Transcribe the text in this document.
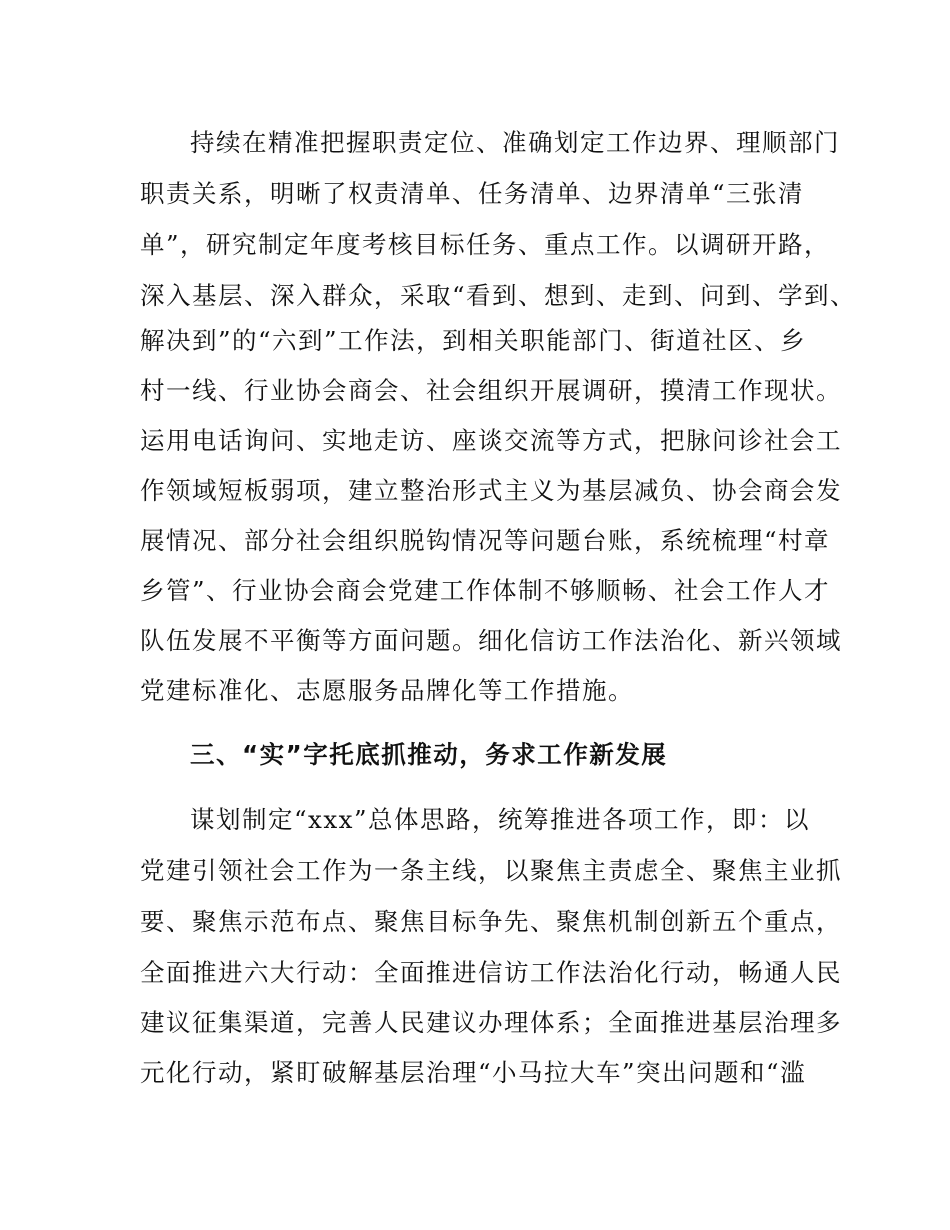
持续在精准把握职责定位、准确划定工作边界、理顺部门
职责关系，明晰了权责清单、任务清单、边界清单“三张清
单”，研究制定年度考核目标任务、重点工作。以调研开路，
深入基层、深入群众，采取“看到、想到、走到、问到、学到、
解决到”的“六到”工作法，到相关职能部门、街道社区、乡
村一线、行业协会商会、社会组织开展调研，摸清工作现状。
运用电话询问、实地走访、座谈交流等方式，把脉问诊社会工
作领域短板弱项，建立整治形式主义为基层减负、协会商会发
展情况、部分社会组织脱钩情况等问题台账，系统梳理“村章
乡管”、行业协会商会党建工作体制不够顺畅、社会工作人才
队伍发展不平衡等方面问题。细化信访工作法治化、新兴领域
党建标准化、志愿服务品牌化等工作措施。
三、“实”字托底抓推动，务求工作新发展
谋划制定“xxx”总体思路，统筹推进各项工作，即：以
党建引领社会工作为一条主线，以聚焦主责虑全、聚焦主业抓
要、聚焦示范布点、聚焦目标争先、聚焦机制创新五个重点，
全面推进六大行动：全面推进信访工作法治化行动，畅通人民
建议征集渠道，完善人民建议办理体系；全面推进基层治理多
元化行动，紧盯破解基层治理“小马拉大车”突出问题和“滥
